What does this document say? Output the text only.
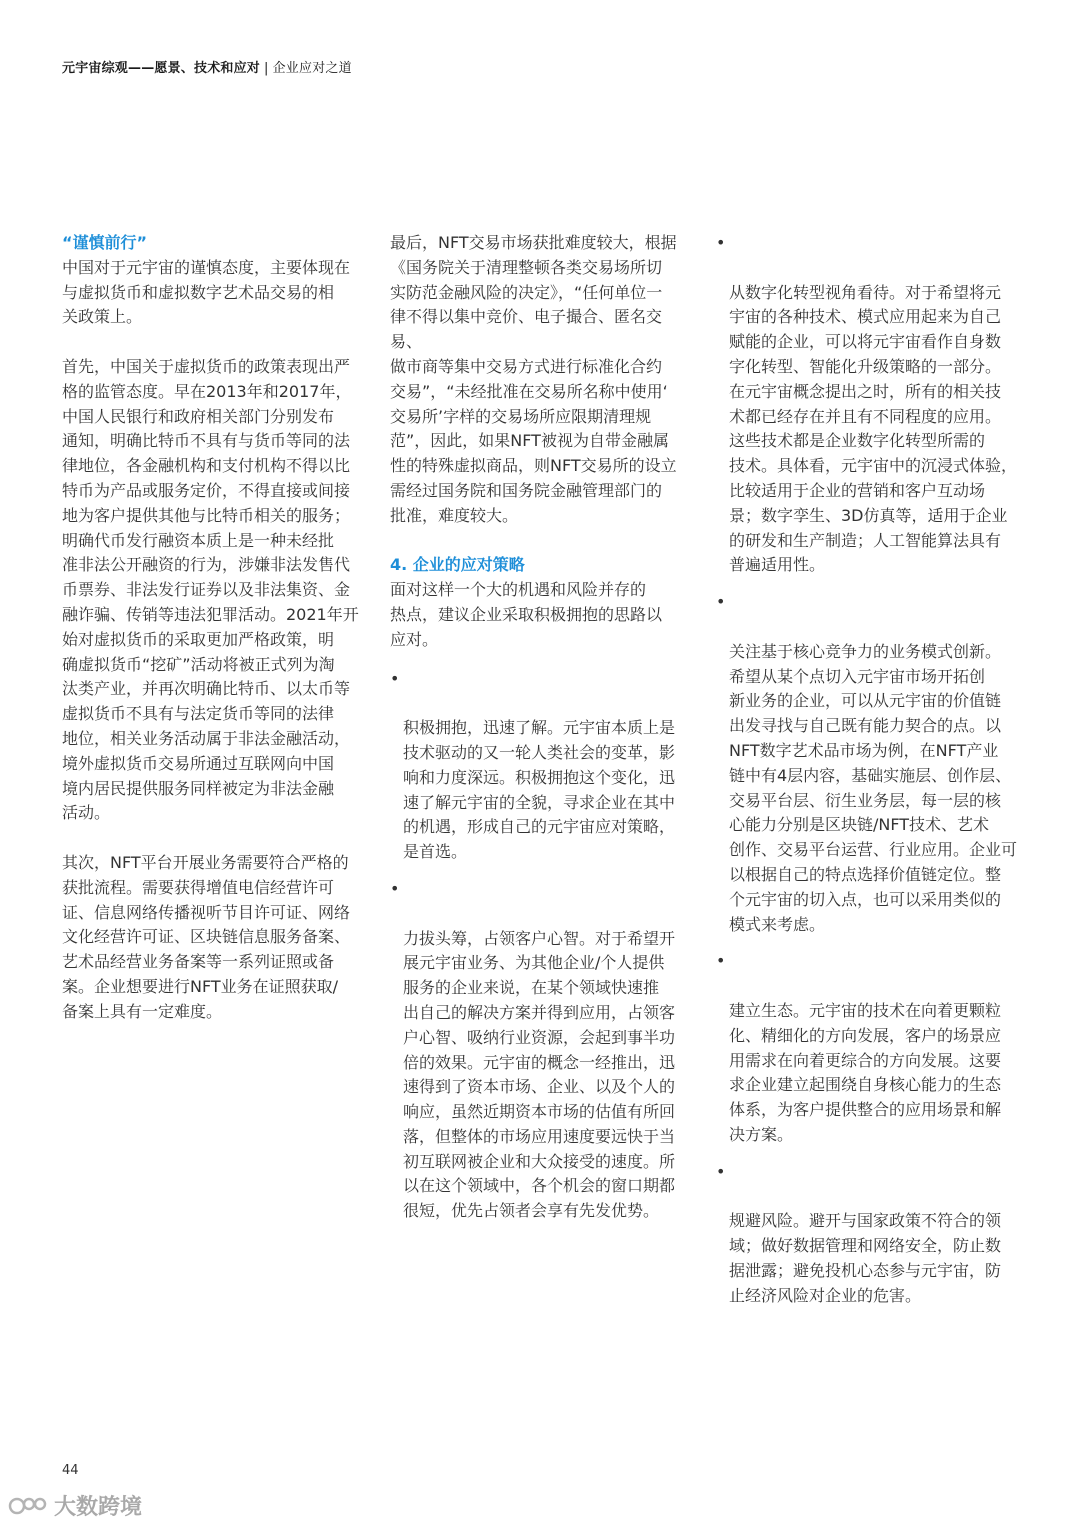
元宇宙综观——愿景、技术和应对 | 企业应对之道

“谨慎前行”

中国对于元宇宙的谨慎态度，主要体现在
与虚拟货币和虚拟数字艺术品交易的相
关政策上。

首先，中国关于虚拟货币的政策表现出严
格的监管态度。早在2013年和2017年，
中国人民银行和政府相关部门分别发布
通知，明确比特币不具有与货币等同的法
律地位，各金融机构和支付机构不得以比
特币为产品或服务定价，不得直接或间接
地为客户提供其他与比特币相关的服务；
明确代币发行融资本质上是一种未经批
准非法公开融资的行为，涉嫌非法发售代
币票券、非法发行证券以及非法集资、金
融诈骗、传销等违法犯罪活动。2021年开
始对虚拟货币的采取更加严格政策，明
确虚拟货币“挖矿”活动将被正式列为淘
汰类产业，并再次明确比特币、以太币等
虚拟货币不具有与法定货币等同的法律
地位，相关业务活动属于非法金融活动，
境外虚拟货币交易所通过互联网向中国
境内居民提供服务同样被定为非法金融
活动。

其次，NFT平台开展业务需要符合严格的
获批流程。需要获得增值电信经营许可
证、信息网络传播视听节目许可证、网络
文化经营许可证、区块链信息服务备案、
艺术品经营业务备案等一系列证照或备
案。企业想要进行NFT业务在证照获取/
备案上具有一定难度。

最后，NFT交易市场获批难度较大，根据
《国务院关于清理整顿各类交易场所切
实防范金融风险的决定》，“任何单位一
律不得以集中竞价、电子撮合、匿名交易、
做市商等集中交易方式进行标准化合约
交易”，“未经批准在交易所名称中使用‘
交易所’字样的交易场所应限期清理规
范”，因此，如果NFT被视为自带金融属
性的特殊虚拟商品，则NFT交易所的设立
需经过国务院和国务院金融管理部门的
批准，难度较大。

4. 企业的应对策略

面对这样一个大的机遇和风险并存的
热点，建议企业采取积极拥抱的思路以
应对。

•

积极拥抱，迅速了解。元宇宙本质上是
技术驱动的又一轮人类社会的变革，影
响和力度深远。积极拥抱这个变化，迅
速了解元宇宙的全貌，寻求企业在其中
的机遇，形成自己的元宇宙应对策略，
是首选。

•

力拔头筹，占领客户心智。对于希望开
展元宇宙业务、为其他企业/个人提供
服务的企业来说，在某个领域快速推
出自己的解决方案并得到应用，占领客
户心智、吸纳行业资源，会起到事半功
倍的效果。元宇宙的概念一经推出，迅
速得到了资本市场、企业、以及个人的
响应，虽然近期资本市场的估值有所回
落，但整体的市场应用速度要远快于当
初互联网被企业和大众接受的速度。所
以在这个领域中，各个机会的窗口期都
很短，优先占领者会享有先发优势。

•

从数字化转型视角看待。对于希望将元
宇宙的各种技术、模式应用起来为自己
赋能的企业，可以将元宇宙看作自身数
字化转型、智能化升级策略的一部分。
在元宇宙概念提出之时，所有的相关技
术都已经存在并且有不同程度的应用。
这些技术都是企业数字化转型所需的
技术。具体看，元宇宙中的沉浸式体验，
比较适用于企业的营销和客户互动场
景；数字孪生、3D仿真等，适用于企业
的研发和生产制造；人工智能算法具有
普遍适用性。

•

关注基于核心竞争力的业务模式创新。
希望从某个点切入元宇宙市场开拓创
新业务的企业，可以从元宇宙的价值链
出发寻找与自己既有能力契合的点。以
NFT数字艺术品市场为例，在NFT产业
链中有4层内容，基础实施层、创作层、
交易平台层、衍生业务层，每一层的核
心能力分别是区块链/NFT技术、艺术
创作、交易平台运营、行业应用。企业可
以根据自己的特点选择价值链定位。整
个元宇宙的切入点，也可以采用类似的
模式来考虑。

•

建立生态。元宇宙的技术在向着更颗粒
化、精细化的方向发展，客户的场景应
用需求在向着更综合的方向发展。这要
求企业建立起围绕自身核心能力的生态
体系，为客户提供整合的应用场景和解
决方案。

•

规避风险。避开与国家政策不符合的领
域；做好数据管理和网络安全，防止数
据泄露；避免投机心态参与元宇宙，防
止经济风险对企业的危害。

44
大数跨境
